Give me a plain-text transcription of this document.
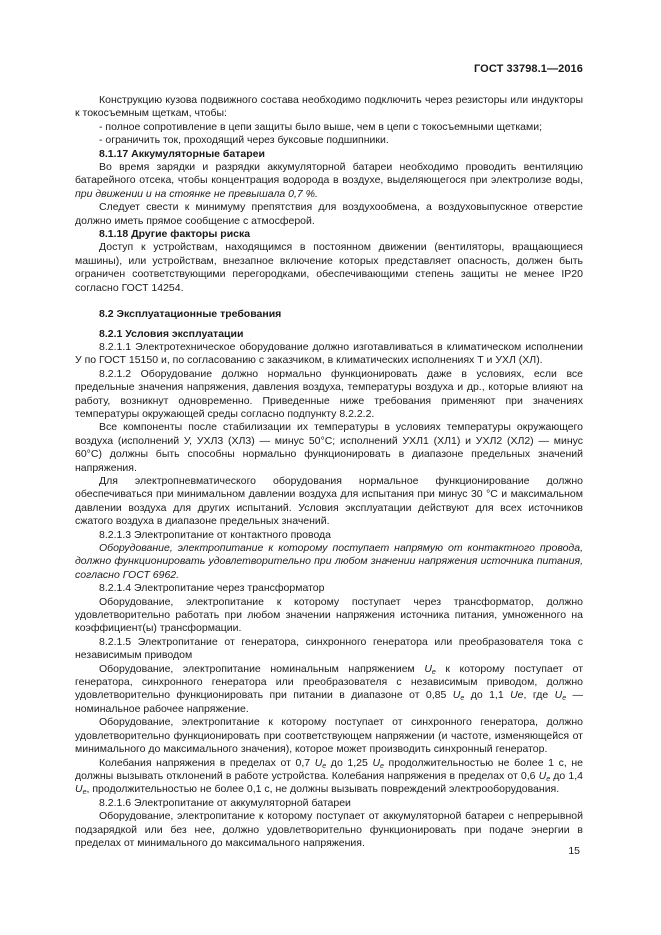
ГОСТ 33798.1—2016

Конструкцию кузова подвижного состава необходимо подключить через резисторы или индукторы к токосъемным щеткам, чтобы:

- полное сопротивление в цепи защиты было выше, чем в цепи с токосъемными щетками;

- ограничить ток, проходящий через буксовые подшипники.

8.1.17 Аккумуляторные батареи

Во время зарядки и разрядки аккумуляторной батареи необходимо проводить вентиляцию батарейного отсека, чтобы концентрация водорода в воздухе, выделяющегося при электролизе воды, при движении и на стоянке не превышала 0,7 %.

Следует свести к минимуму препятствия для воздухообмена, а воздуховыпускное отверстие должно иметь прямое сообщение с атмосферой.

8.1.18 Другие факторы риска

Доступ к устройствам, находящимся в постоянном движении (вентиляторы, вращающиеся машины), или устройствам, внезапное включение которых представляет опасность, должен быть ограничен соответствующими перегородками, обеспечивающими степень защиты не менее IP20 согласно ГОСТ 14254.

8.2 Эксплуатационные требования

8.2.1 Условия эксплуатации

8.2.1.1 Электротехническое оборудование должно изготавливаться в климатическом исполнении У по ГОСТ 15150 и, по согласованию с заказчиком, в климатических исполнениях Т и УХЛ (ХЛ).

8.2.1.2 Оборудование должно нормально функционировать даже в условиях, если все предельные значения напряжения, давления воздуха, температуры воздуха и др., которые влияют на работу, возникнут одновременно. Приведенные ниже требования применяют при значениях температуры окружающей среды согласно подпункту 8.2.2.2.

Все компоненты после стабилизации их температуры в условиях температуры окружающего воздуха (исполнений У, УХЛ3 (ХЛ3) — минус 50°С; исполнений УХЛ1 (ХЛ1) и УХЛ2 (ХЛ2) — минус 60°С) должны быть способны нормально функционировать в диапазоне предельных значений напряжения.

Для электропневматического оборудования нормальное функционирование должно обеспечиваться при минимальном давлении воздуха для испытания при минус 30 °С и максимальном давлении воздуха для других испытаний. Условия эксплуатации действуют для всех источников сжатого воздуха в диапазоне предельных значений.

8.2.1.3 Электропитание от контактного провода

Оборудование, электропитание к которому поступает напрямую от контактного провода, должно функционировать удовлетворительно при любом значении напряжения источника питания, согласно ГОСТ 6962.

8.2.1.4 Электропитание через трансформатор

Оборудование, электропитание к которому поступает через трансформатор, должно удовлетворительно работать при любом значении напряжения источника питания, умноженного на коэффициент(ы) трансформации.

8.2.1.5 Электропитание от генератора, синхронного генератора или преобразователя тока с независимым приводом

Оборудование, электропитание номинальным напряжением $U_e$ к которому поступает от генератора, синхронного генератора или преобразователя с независимым приводом, должно удовлетворительно функционировать при питании в диапазоне от 0,85 $U_e$ до 1,1 Ue, где $U_e$ — номинальное рабочее напряжение.

Оборудование, электропитание к которому поступает от синхронного генератора, должно удовлетворительно функционировать при соответствующем напряжении (и частоте, изменяющейся от минимального до максимального значения), которое может производить синхронный генератор.

Колебания напряжения в пределах от 0,7 $U_e$ до 1,25 $U_e$ продолжительностью не более 1 с, не должны вызывать отклонений в работе устройства. Колебания напряжения в пределах от 0,6 $U_e$ до 1,4 $U_e$, продолжительностью не более 0,1 с, не должны вызывать повреждений электрооборудования.

8.2.1.6 Электропитание от аккумуляторной батареи

Оборудование, электропитание к которому поступает от аккумуляторной батареи с непрерывной подзарядкой или без нее, должно удовлетворительно функционировать при подаче энергии в пределах от минимального до максимального напряжения.

15
